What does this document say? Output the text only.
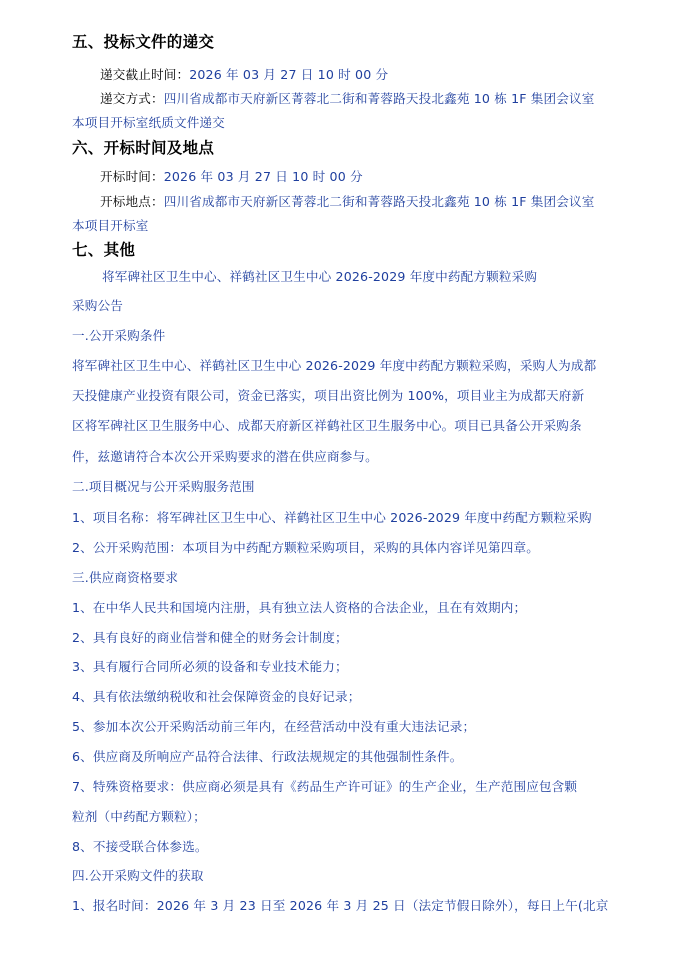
五、投标文件的递交
递交截止时间：2026 年 03 月 27 日 10 时 00 分
递交方式：四川省成都市天府新区菁蓉北二街和菁蓉路天投北鑫苑 10 栋 1F 集团会议室
本项目开标室纸质文件递交
六、开标时间及地点
开标时间：2026 年 03 月 27 日 10 时 00 分
开标地点：四川省成都市天府新区菁蓉北二街和菁蓉路天投北鑫苑 10 栋 1F 集团会议室
本项目开标室
七、其他
将军碑社区卫生中心、祥鹤社区卫生中心 2026-2029 年度中药配方颗粒采购
采购公告
一.公开采购条件
将军碑社区卫生中心、祥鹤社区卫生中心 2026-2029 年度中药配方颗粒采购，采购人为成都
天投健康产业投资有限公司，资金已落实，项目出资比例为 100%，项目业主为成都天府新
区将军碑社区卫生服务中心、成都天府新区祥鹤社区卫生服务中心。项目已具备公开采购条
件，兹邀请符合本次公开采购要求的潜在供应商参与。
二.项目概况与公开采购服务范围
1、项目名称：将军碑社区卫生中心、祥鹤社区卫生中心 2026-2029 年度中药配方颗粒采购
2、公开采购范围：本项目为中药配方颗粒采购项目，采购的具体内容详见第四章。
三.供应商资格要求
1、在中华人民共和国境内注册，具有独立法人资格的合法企业，且在有效期内；
2、具有良好的商业信誉和健全的财务会计制度；
3、具有履行合同所必须的设备和专业技术能力；
4、具有依法缴纳税收和社会保障资金的良好记录；
5、参加本次公开采购活动前三年内，在经营活动中没有重大违法记录；
6、供应商及所响应产品符合法律、行政法规规定的其他强制性条件。
7、特殊资格要求：供应商必须是具有《药品生产许可证》的生产企业，生产范围应包含颗
粒剂（中药配方颗粒）；
8、不接受联合体参选。
四.公开采购文件的获取
1、报名时间：2026 年 3 月 23 日至 2026 年 3 月 25 日（法定节假日除外），每日上午(北京
